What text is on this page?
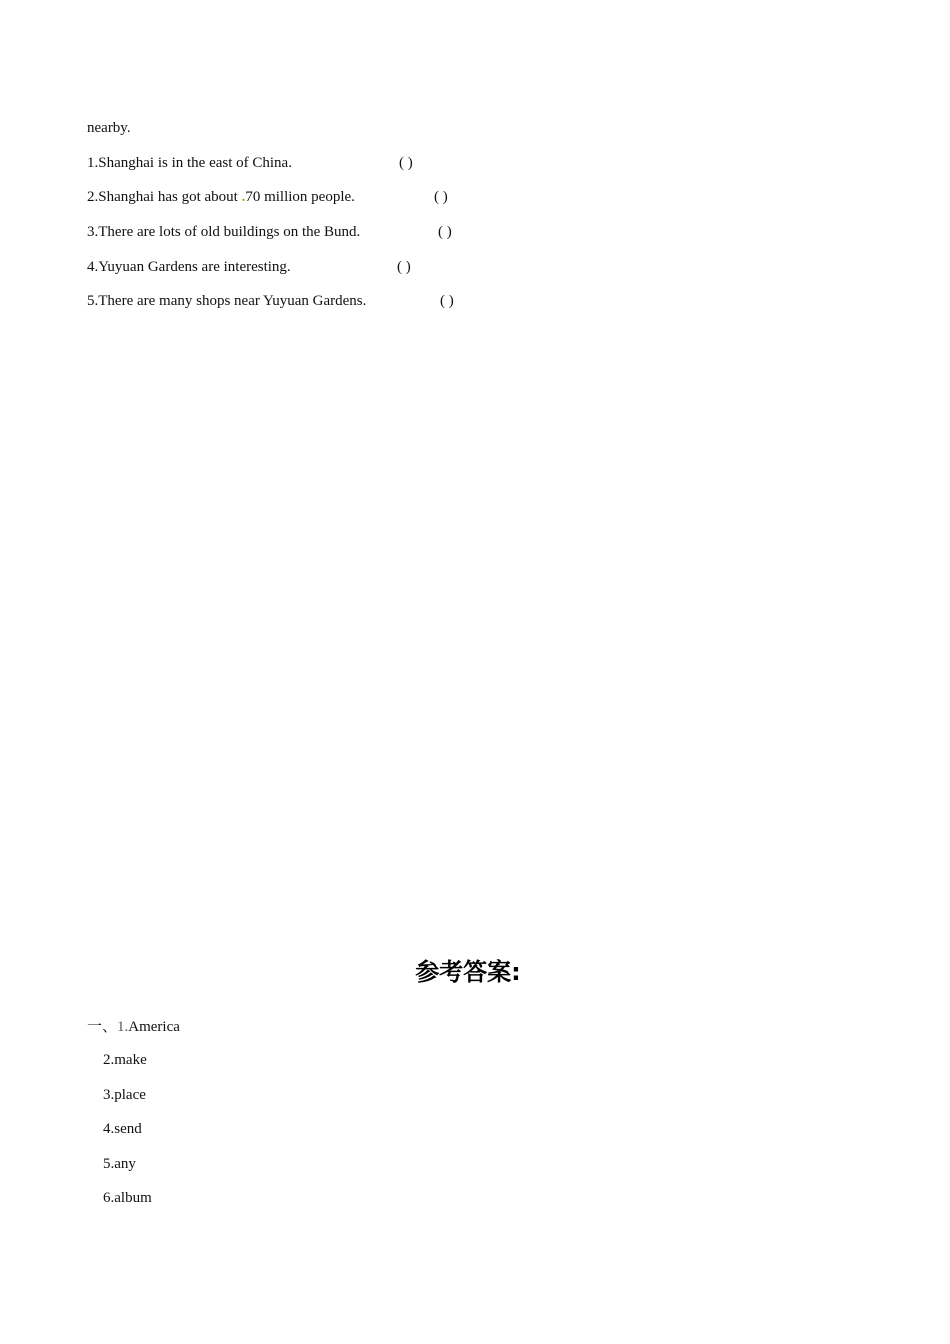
nearby.
1.Shanghai is in the east of China.	( )
2.Shanghai has got about .70 million people.	( )
3.There are lots of old buildings on the Bund.	( )
4.Yuyuan Gardens are interesting.	( )
5.There are many shops near Yuyuan Gardens.	( )
参考答案:
一、1.America
2.make
3.place
4.send
5.any
6.album
